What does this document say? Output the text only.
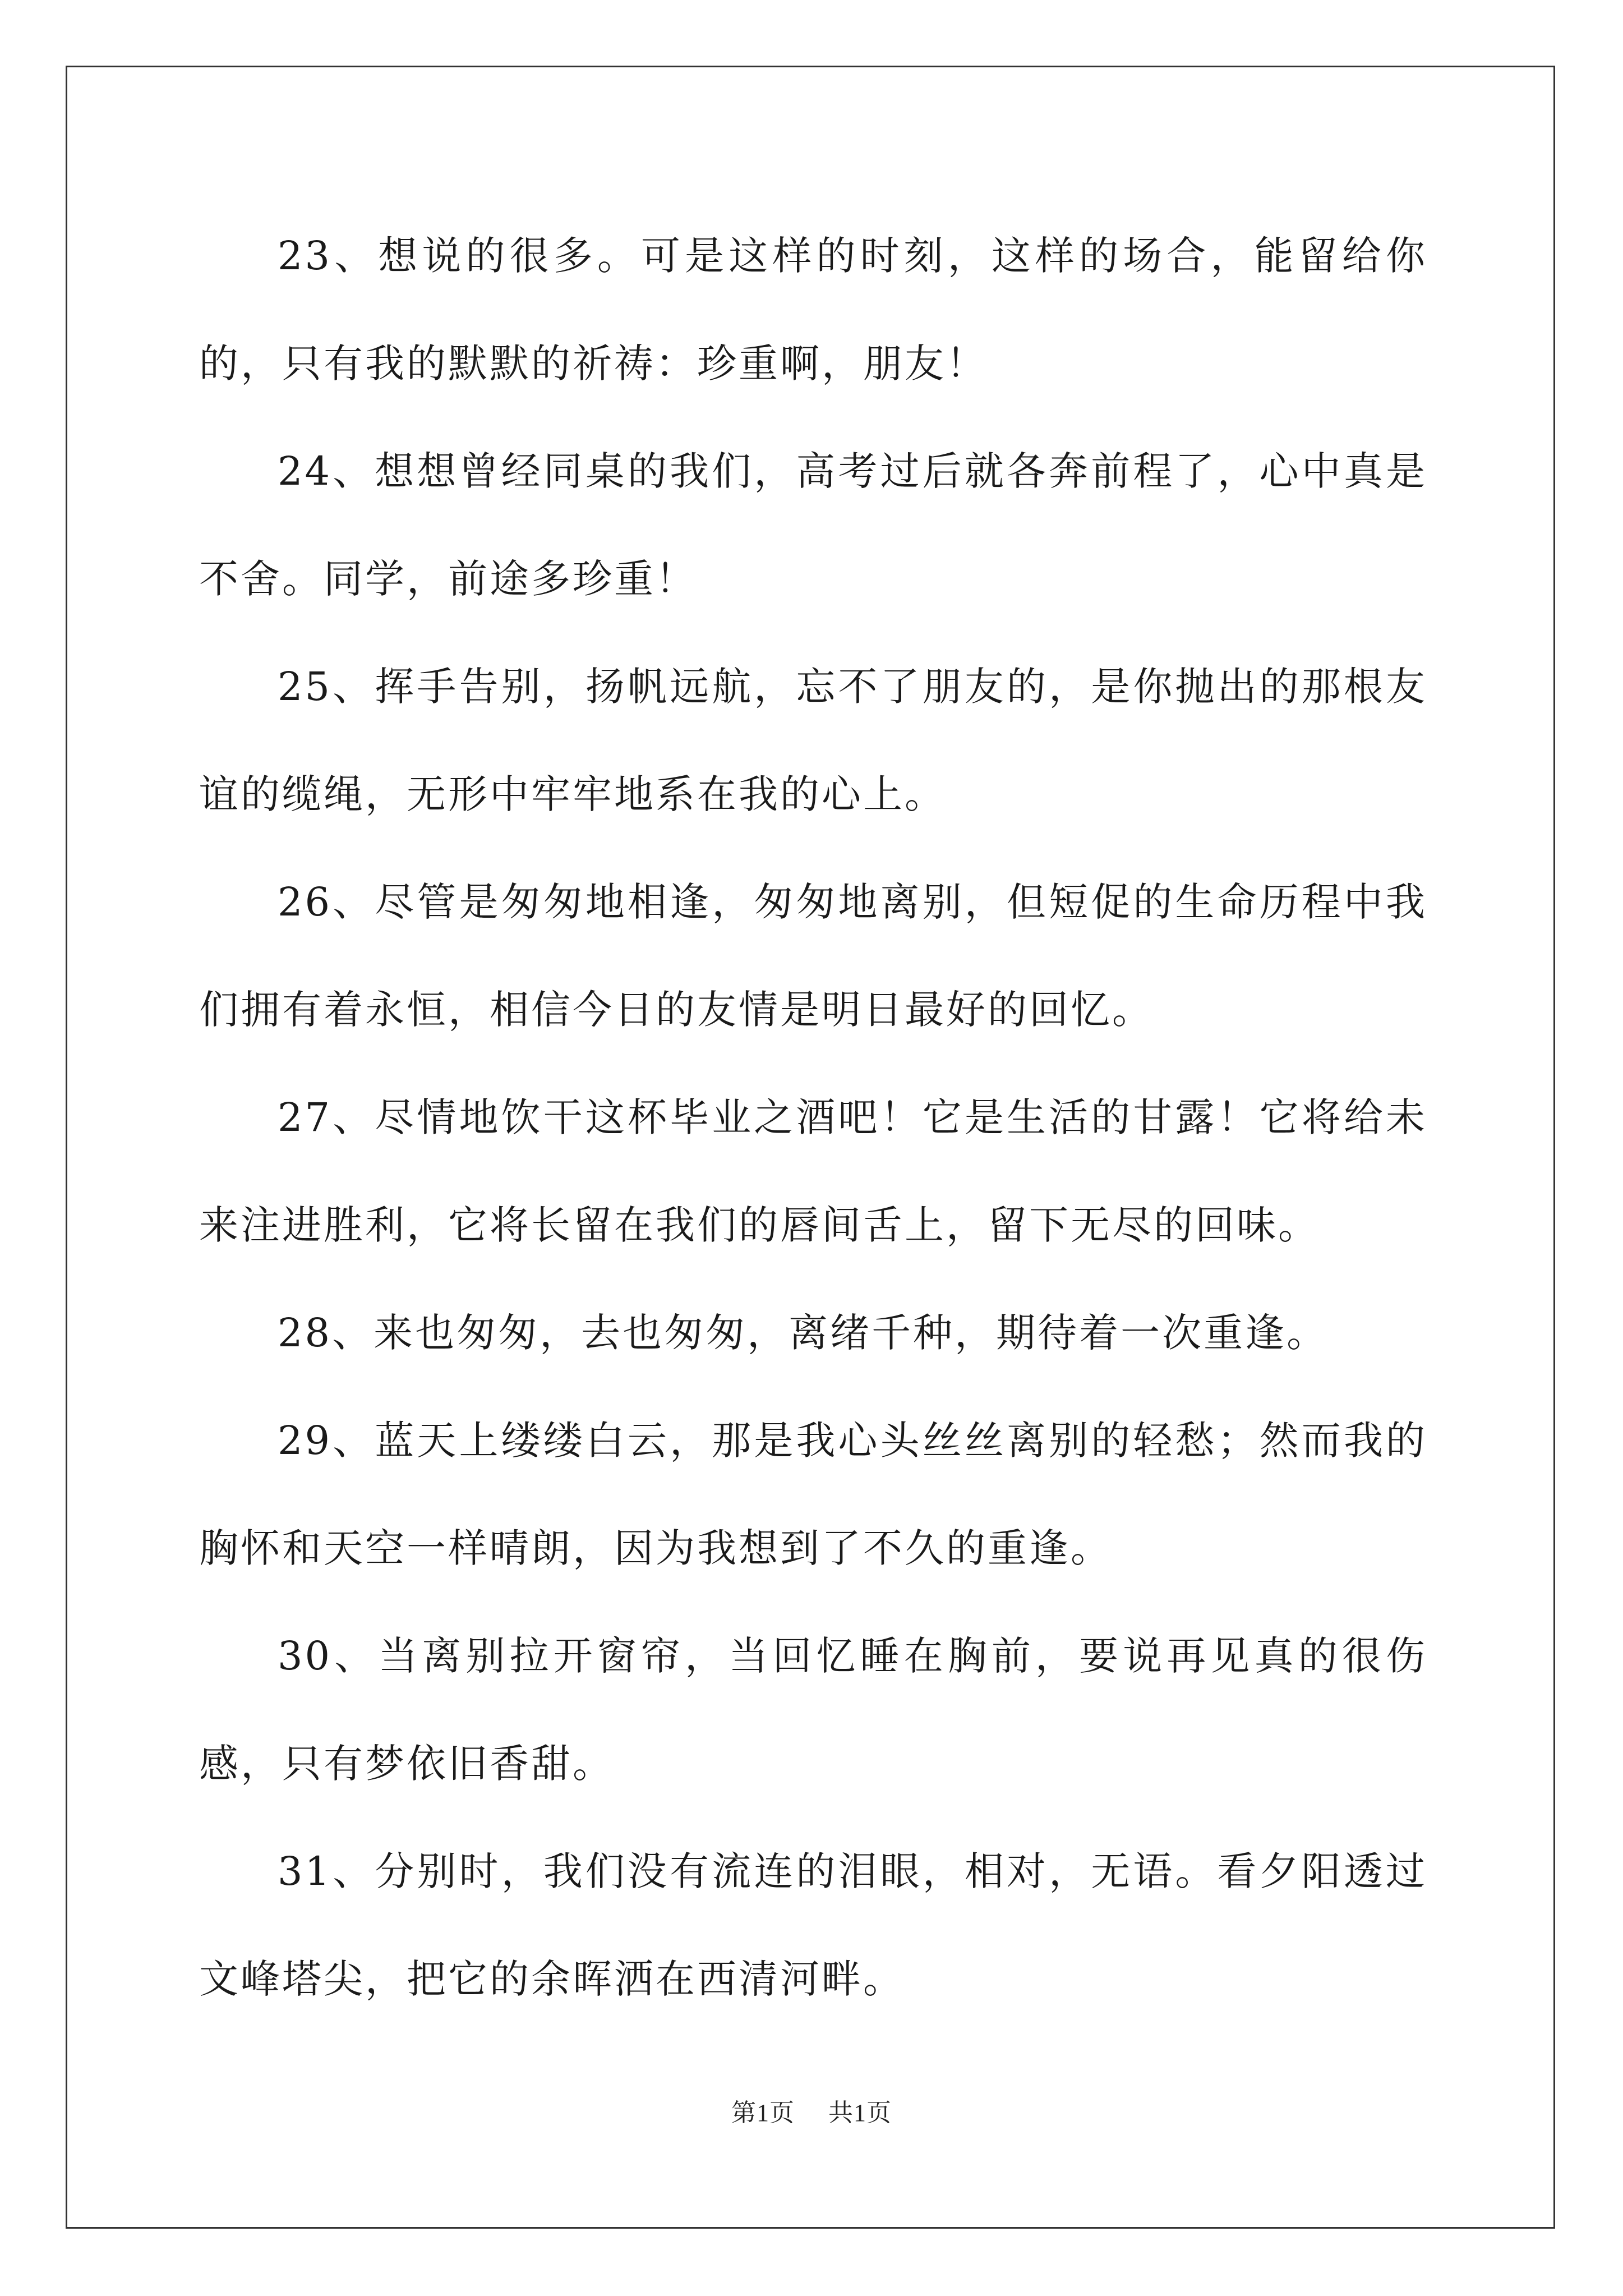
23、想说的很多。可是这样的时刻，这样的场合，能留给你的，只有我的默默的祈祷：珍重啊，朋友！

24、想想曾经同桌的我们，高考过后就各奔前程了，心中真是不舍。同学，前途多珍重！

25、挥手告别，扬帆远航，忘不了朋友的，是你抛出的那根友谊的缆绳，无形中牢牢地系在我的心上。

26、尽管是匆匆地相逢，匆匆地离别，但短促的生命历程中我们拥有着永恒，相信今日的友情是明日最好的回忆。

27、尽情地饮干这杯毕业之酒吧！它是生活的甘露！它将给未来注进胜利，它将长留在我们的唇间舌上，留下无尽的回味。

28、来也匆匆，去也匆匆，离绪千种，期待着一次重逢。

29、蓝天上缕缕白云，那是我心头丝丝离别的轻愁；然而我的胸怀和天空一样晴朗，因为我想到了不久的重逢。

30、当离别拉开窗帘，当回忆睡在胸前，要说再见真的很伤感，只有梦依旧香甜。

31、分别时，我们没有流连的泪眼，相对，无语。看夕阳透过文峰塔尖，把它的余晖洒在西清河畔。

第1页 共1页
